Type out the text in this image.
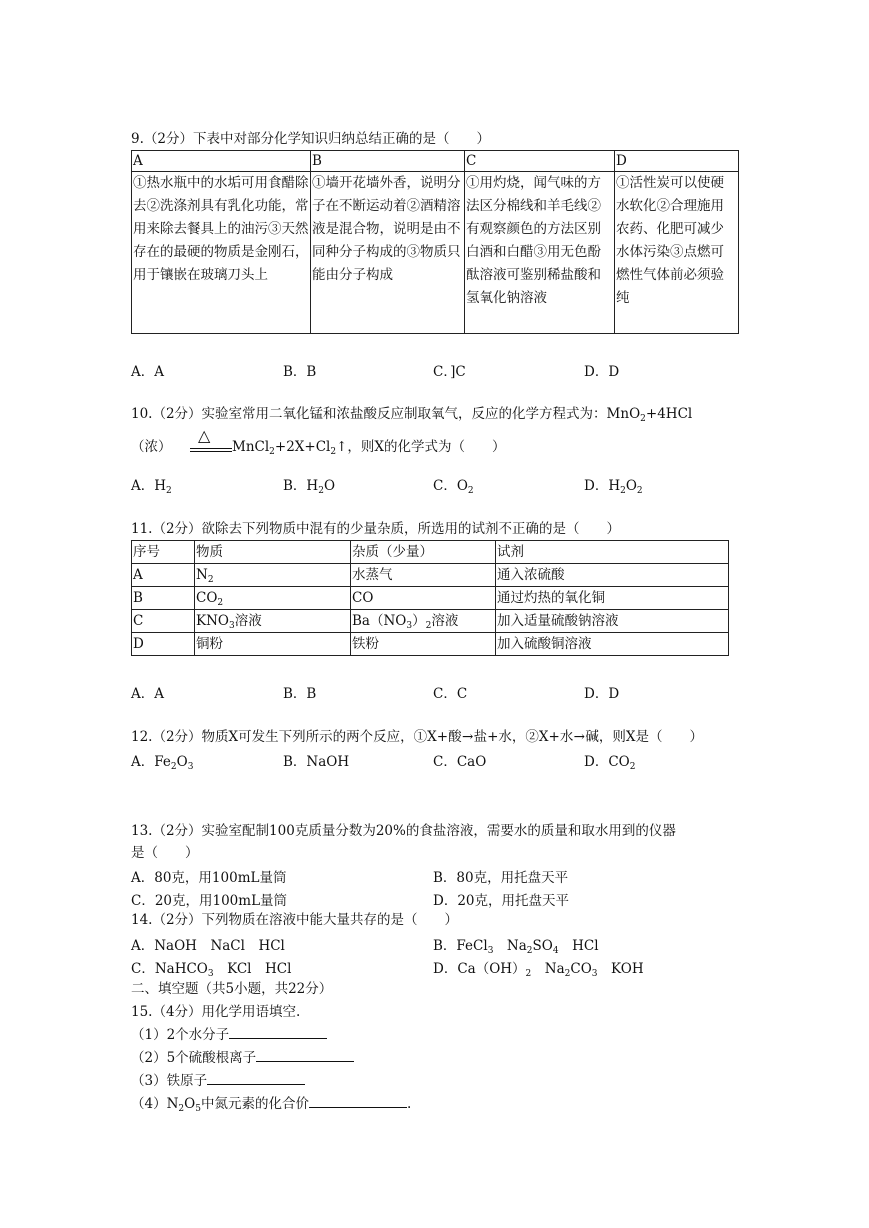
9.（2分）下表中对部分化学知识归纳总结正确的是（　　）
A	B	C	D
①热水瓶中的水垢可用食醋除去②洗涤剂具有乳化功能，常用来除去餐具上的油污③天然存在的最硬的物质是金刚石，用于镶嵌在玻璃刀头上	①墙开花墙外香，说明分子在不断运动着②酒精溶液是混合物，说明是由不同种分子构成的③物质只能由分子构成	①用灼烧，闻气味的方法区分棉线和羊毛线②有观察颜色的方法区别白酒和白醋③用无色酚酞溶液可鉴别稀盐酸和氢氧化钠溶液	①活性炭可以使硬水软化②合理施用农药、化肥可减少水体污染③点燃可燃性气体前必须验纯
A．A	B．B	C．]C	D．D
10.（2分）实验室常用二氧化锰和浓盐酸反应制取氧气，反应的化学方程式为：MnO$_2$+4HCl
（浓）
△
$MnCl_2+2X+Cl_2↑$，则X的化学式为（　　）
A．$H_2$	B．$H_2O$	C．$O_2$	D．$H_2O_2$
11.（2分）欲除去下列物质中混有的少量杂质，所选用的试剂不正确的是（　　）
序号	物质	杂质（少量）	试剂
A	$N_2$	水蒸气	通入浓硫酸
B	$CO_2$	CO	通过灼热的氧化铜
C	$KNO_3$溶液	$Ba(NO_3)_2$溶液	加入适量硫酸钠溶液
D	铜粉	铁粉	加入硫酸铜溶液
A．A	B．B	C．C	D．D
12.（2分）物质X可发生下列所示的两个反应，①X+酸→盐+水，②X+水→碱，则X是（　　）
A．$Fe_2O_3$	B．NaOH	C．CaO	D．$CO_2$
13.（2分）实验室配制100克质量分数为20%的食盐溶液，需要水的质量和取水用到的仪器
是（　　）
A．80克，用100mL量筒	B．80克，用托盘天平
C．20克，用100mL量筒	D．20克，用托盘天平
14.（2分）下列物质在溶液中能大量共存的是（　　）
A．NaOH　NaCl　HCl	B．FeCl$_3$　$Na_2SO_4$　HCl
C．NaHCO$_3$　KCl　HCl	D．$Ca(OH)_2$　$Na_2CO_3$　KOH
二、填空题（共5小题，共22分）
15.（4分）用化学用语填空.
（1）2个水分子
（2）5个硫酸根离子
（3）铁原子
$(4)N_2O_5$中氮元素的化合价	.
